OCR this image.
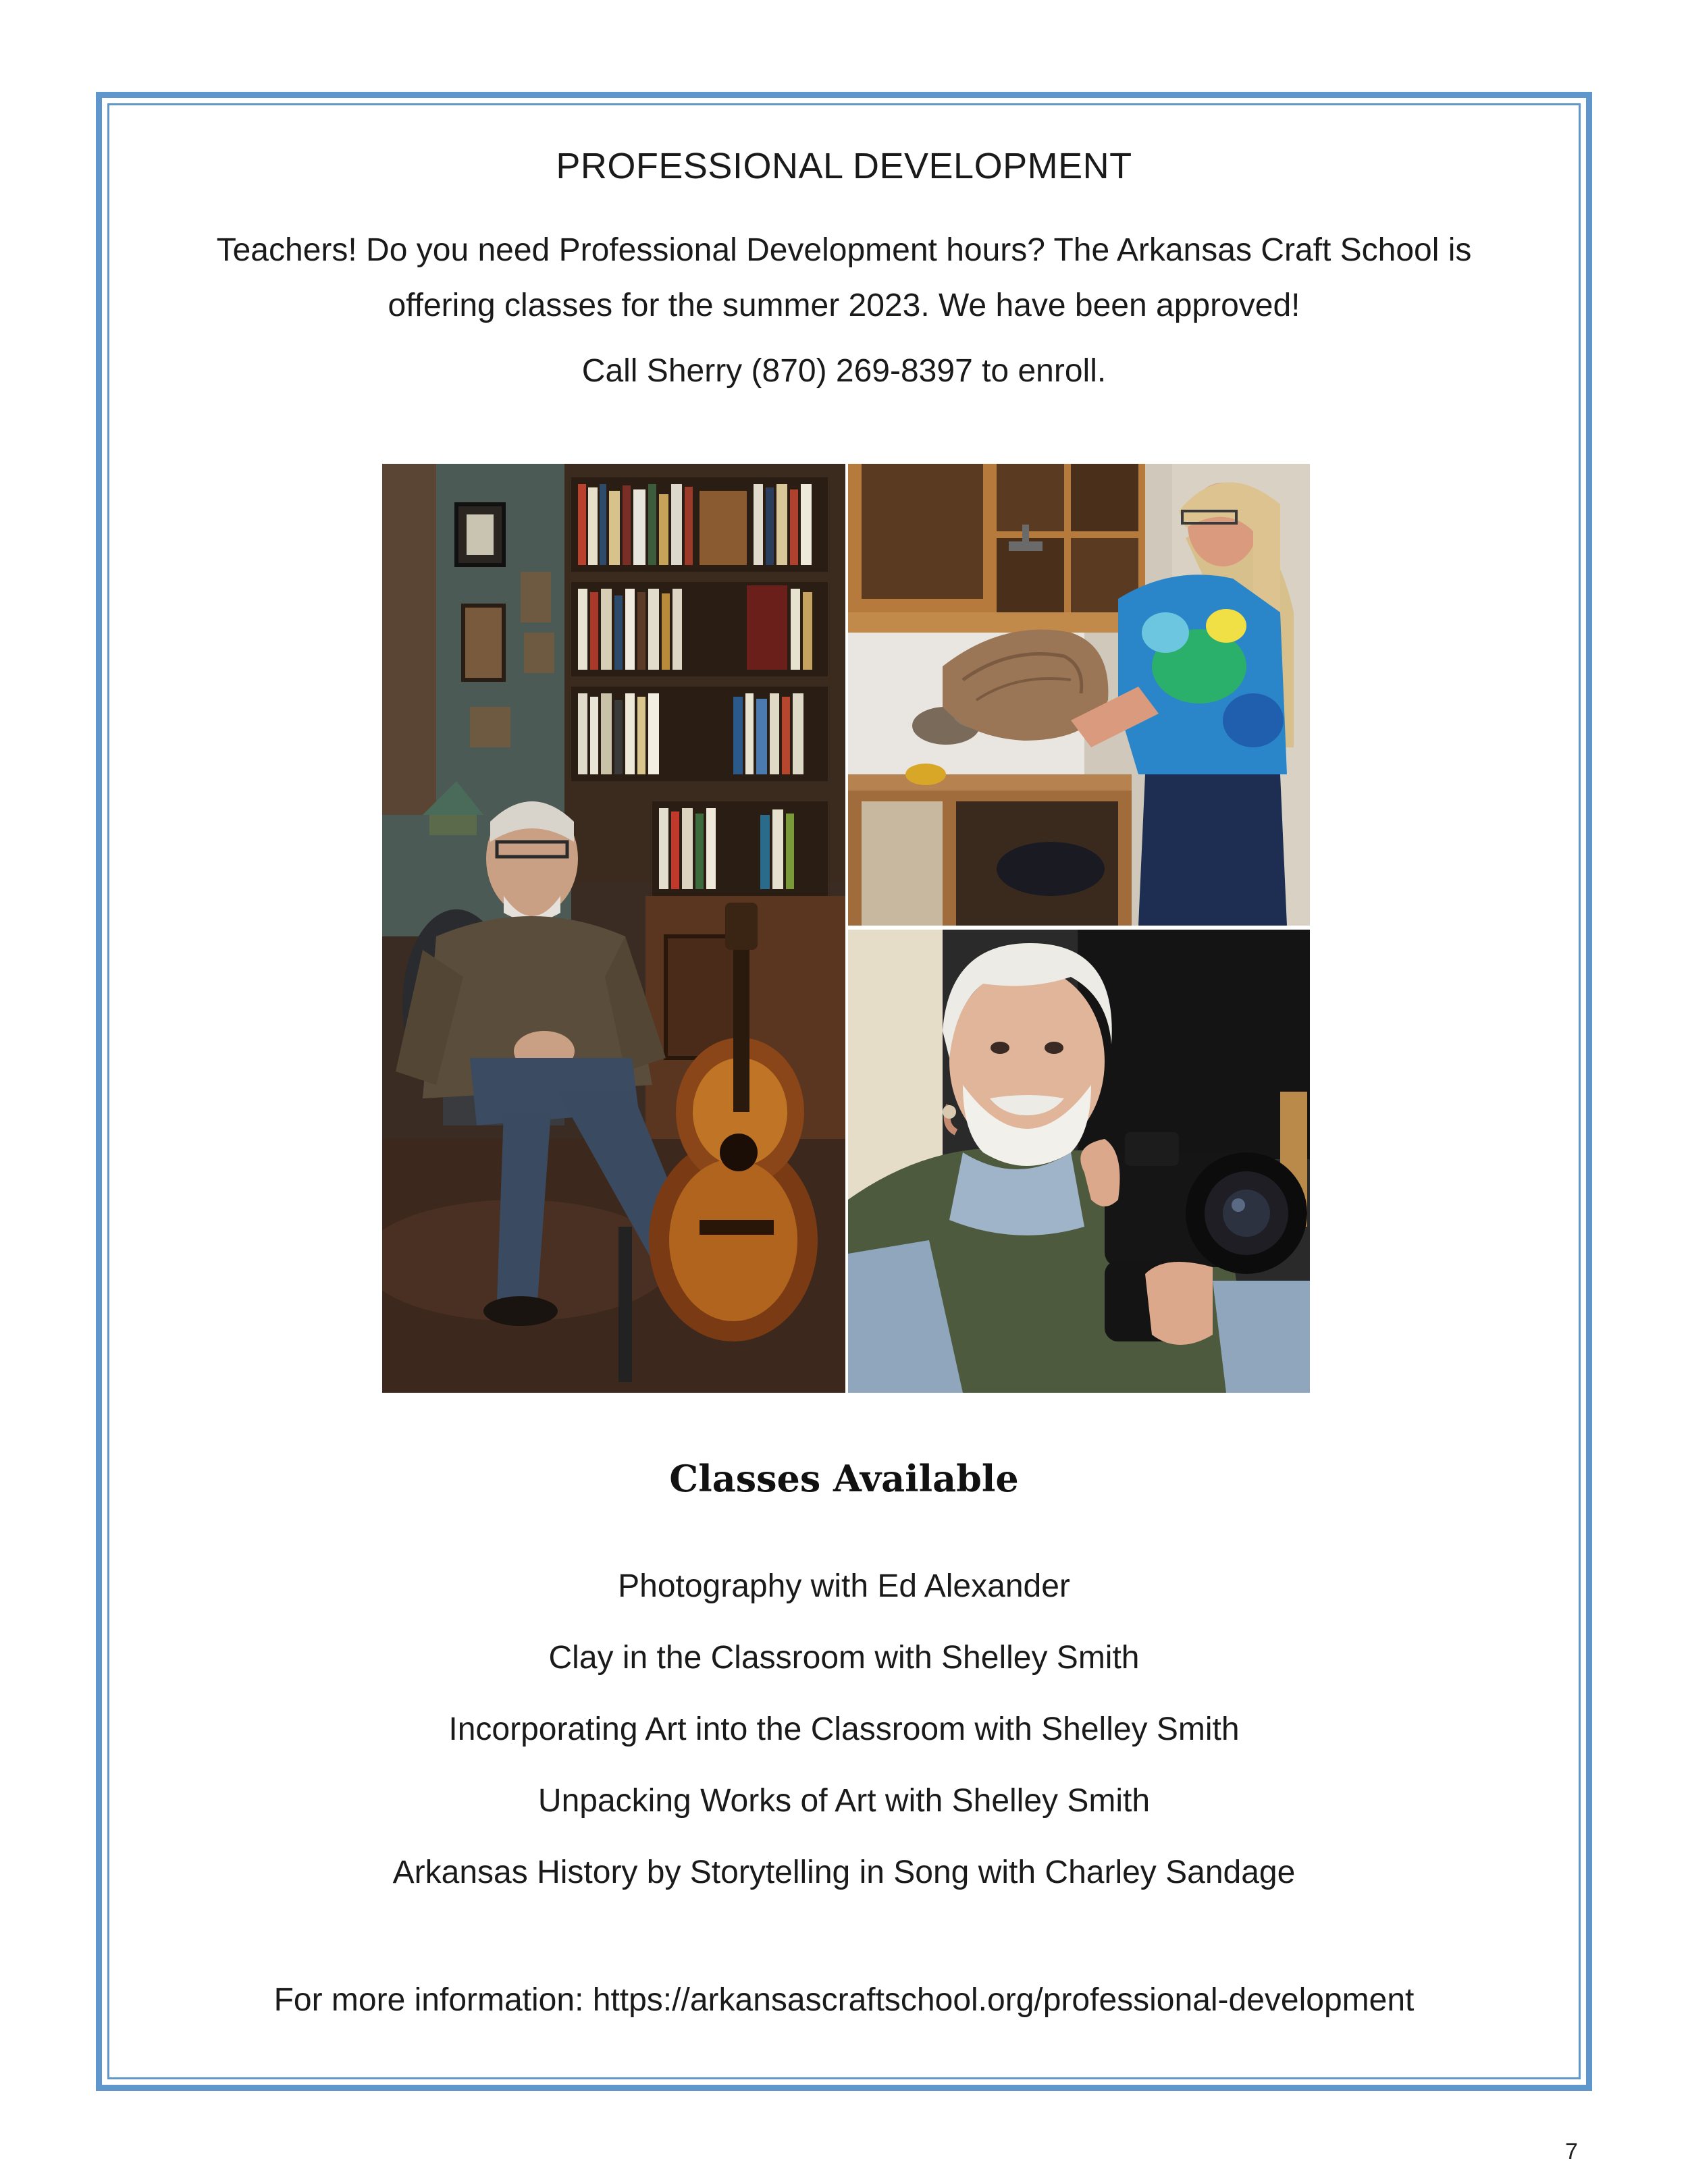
PROFESSIONAL DEVELOPMENT
Teachers! Do you need Professional Development hours? The Arkansas Craft School is
offering classes for the summer 2023. We have been approved!
Call Sherry (870) 269-8397 to enroll.
Classes Available
Photography with Ed Alexander
Clay in the Classroom with Shelley Smith
Incorporating Art into the Classroom with Shelley Smith
Unpacking Works of Art with Shelley Smith
Arkansas History by Storytelling in Song with Charley Sandage
For more information: https://arkansascraftschool.org/professional-development
7
